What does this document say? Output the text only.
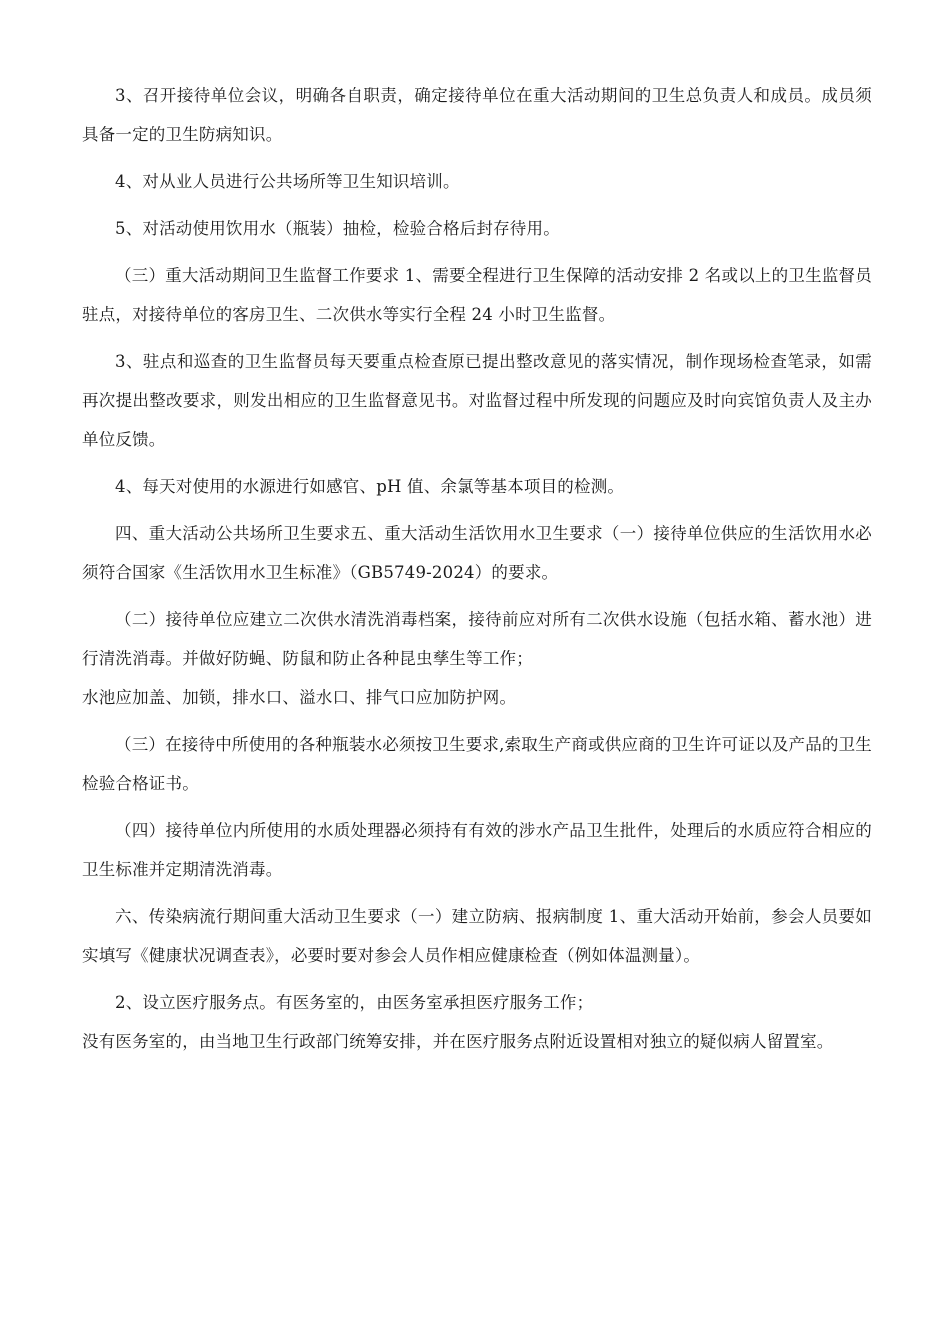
3、召开接待单位会议，明确各自职责，确定接待单位在重大活动期间的卫生总负责人和成员。成员须具备一定的卫生防病知识。

4、对从业人员进行公共场所等卫生知识培训。

5、对活动使用饮用水（瓶装）抽检，检验合格后封存待用。

（三）重大活动期间卫生监督工作要求 1、需要全程进行卫生保障的活动安排 2 名或以上的卫生监督员驻点，对接待单位的客房卫生、二次供水等实行全程 24 小时卫生监督。

3、驻点和巡查的卫生监督员每天要重点检查原已提出整改意见的落实情况，制作现场检查笔录，如需再次提出整改要求，则发出相应的卫生监督意见书。对监督过程中所发现的问题应及时向宾馆负责人及主办单位反馈。

4、每天对使用的水源进行如感官、pH 值、余氯等基本项目的检测。

四、重大活动公共场所卫生要求五、重大活动生活饮用水卫生要求（一）接待单位供应的生活饮用水必须符合国家《生活饮用水卫生标准》（GB5749-2024）的要求。

（二）接待单位应建立二次供水清洗消毒档案，接待前应对所有二次供水设施（包括水箱、蓄水池）进行清洗消毒。并做好防蝇、防鼠和防止各种昆虫孳生等工作；

水池应加盖、加锁，排水口、溢水口、排气口应加防护网。

（三）在接待中所使用的各种瓶装水必须按卫生要求,索取生产商或供应商的卫生许可证以及产品的卫生检验合格证书。

（四）接待单位内所使用的水质处理器必须持有有效的涉水产品卫生批件，处理后的水质应符合相应的卫生标准并定期清洗消毒。

六、传染病流行期间重大活动卫生要求（一）建立防病、报病制度 1、重大活动开始前，参会人员要如实填写《健康状况调查表》，必要时要对参会人员作相应健康检查（例如体温测量）。

2、设立医疗服务点。有医务室的，由医务室承担医疗服务工作；

没有医务室的，由当地卫生行政部门统筹安排，并在医疗服务点附近设置相对独立的疑似病人留置室。
